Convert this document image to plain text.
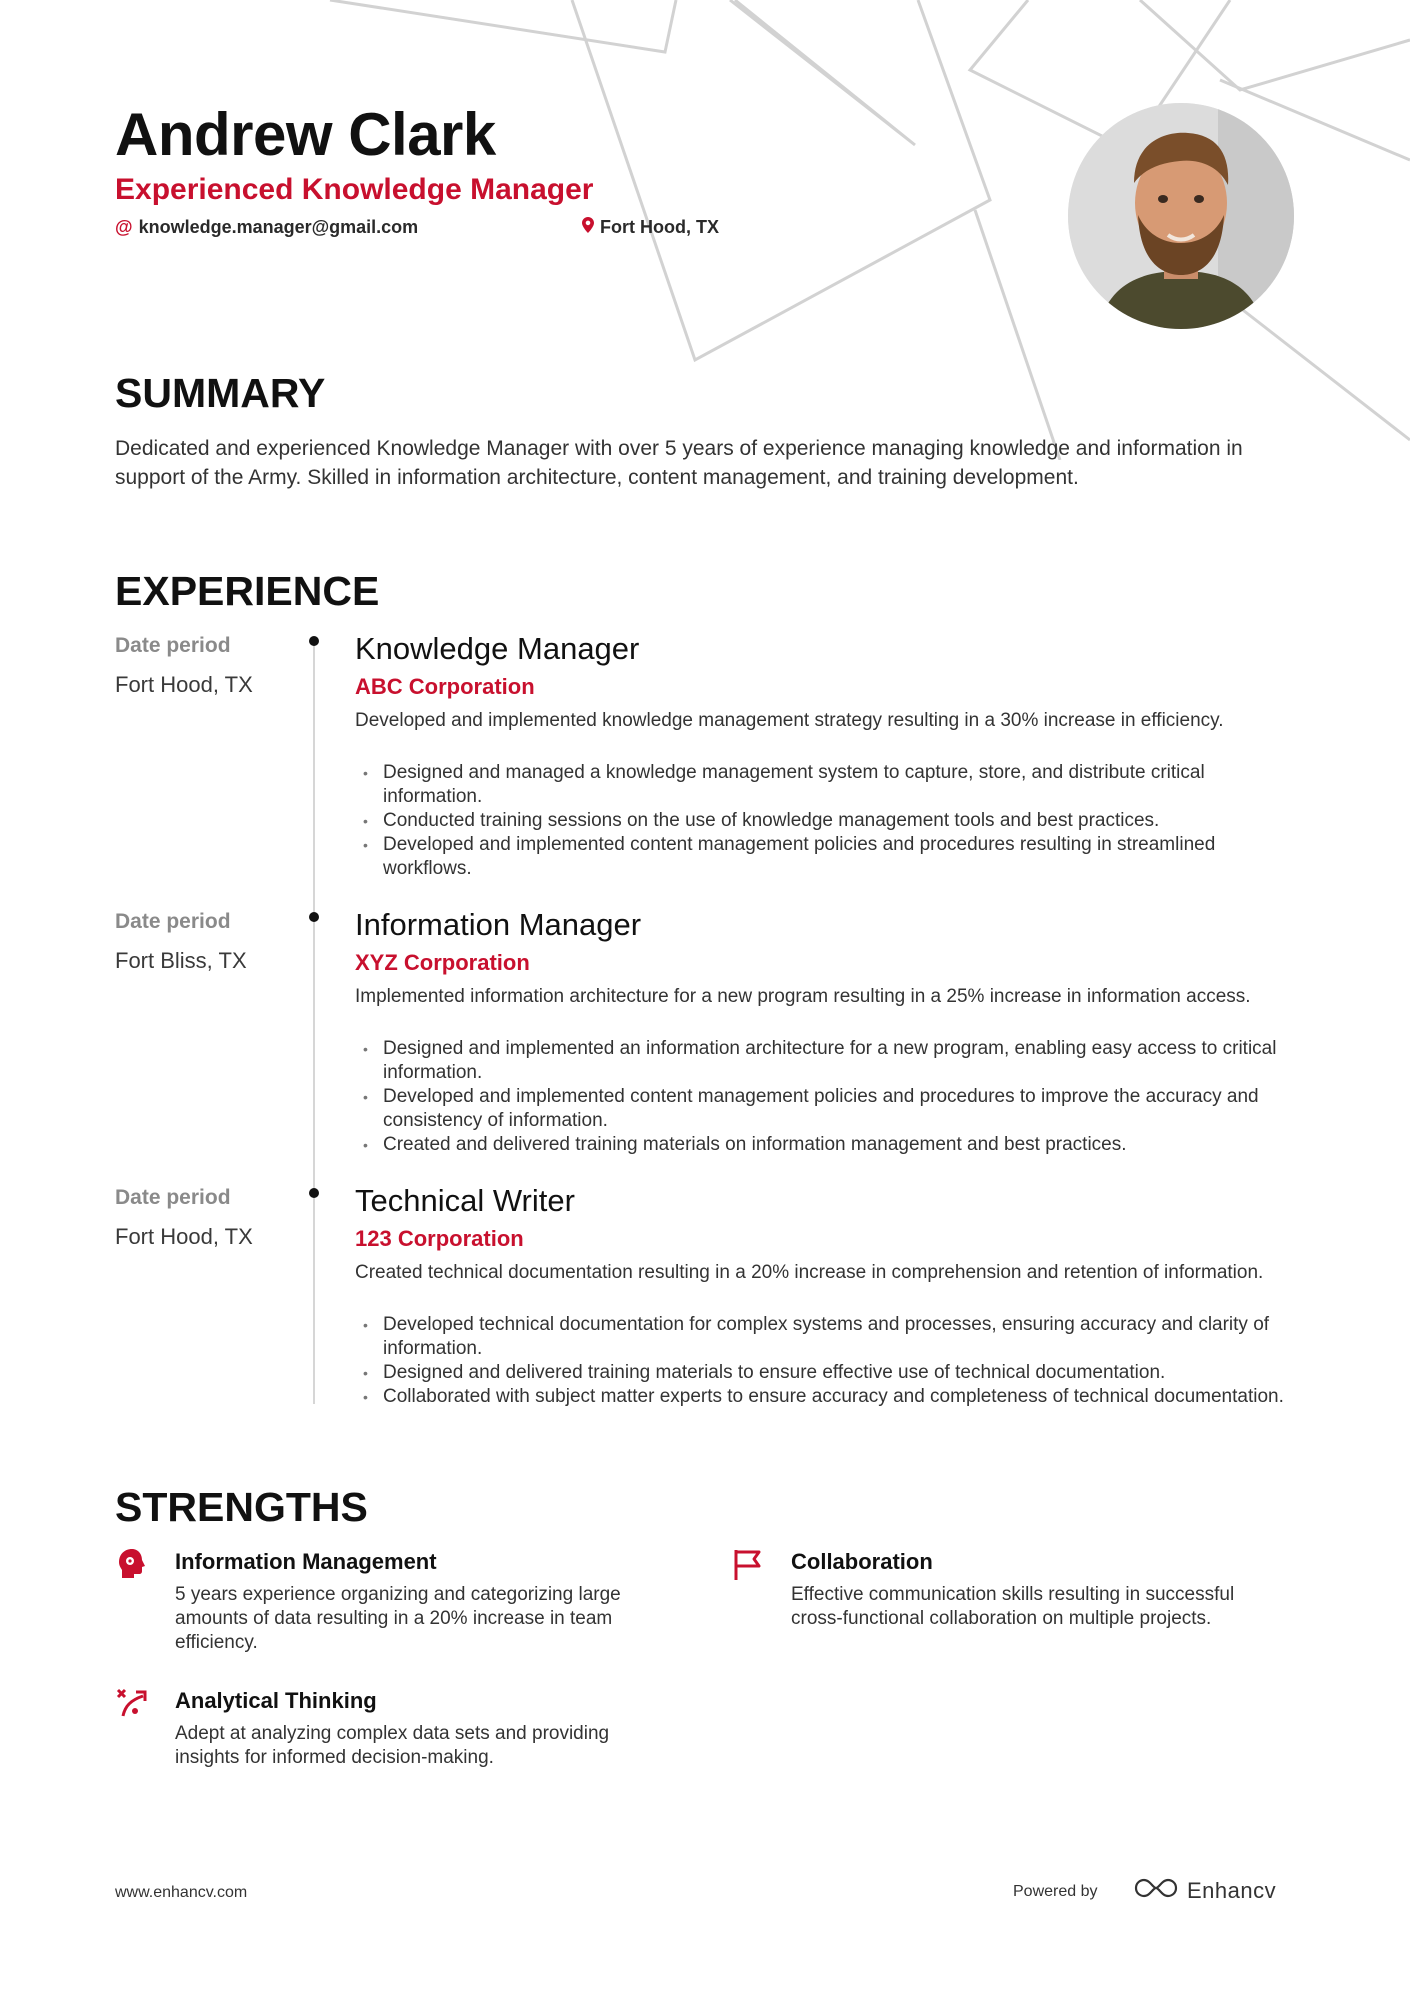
Andrew Clark
Experienced Knowledge Manager
@ knowledge.manager@gmail.com	Fort Hood, TX
SUMMARY
Dedicated and experienced Knowledge Manager with over 5 years of experience managing knowledge and information in support of the Army. Skilled in information architecture, content management, and training development.
EXPERIENCE
Date period
Fort Hood, TX
Knowledge Manager
ABC Corporation
Developed and implemented knowledge management strategy resulting in a 30% increase in efficiency.
• Designed and managed a knowledge management system to capture, store, and distribute critical information.
• Conducted training sessions on the use of knowledge management tools and best practices.
• Developed and implemented content management policies and procedures resulting in streamlined workflows.
Date period
Fort Bliss, TX
Information Manager
XYZ Corporation
Implemented information architecture for a new program resulting in a 25% increase in information access.
• Designed and implemented an information architecture for a new program, enabling easy access to critical information.
• Developed and implemented content management policies and procedures to improve the accuracy and consistency of information.
• Created and delivered training materials on information management and best practices.
Date period
Fort Hood, TX
Technical Writer
123 Corporation
Created technical documentation resulting in a 20% increase in comprehension and retention of information.
• Developed technical documentation for complex systems and processes, ensuring accuracy and clarity of information.
• Designed and delivered training materials to ensure effective use of technical documentation.
• Collaborated with subject matter experts to ensure accuracy and completeness of technical documentation.
STRENGTHS
Information Management
5 years experience organizing and categorizing large amounts of data resulting in a 20% increase in team efficiency.
Collaboration
Effective communication skills resulting in successful cross-functional collaboration on multiple projects.
Analytical Thinking
Adept at analyzing complex data sets and providing insights for informed decision-making.
www.enhancv.com	Powered by	Enhancv
